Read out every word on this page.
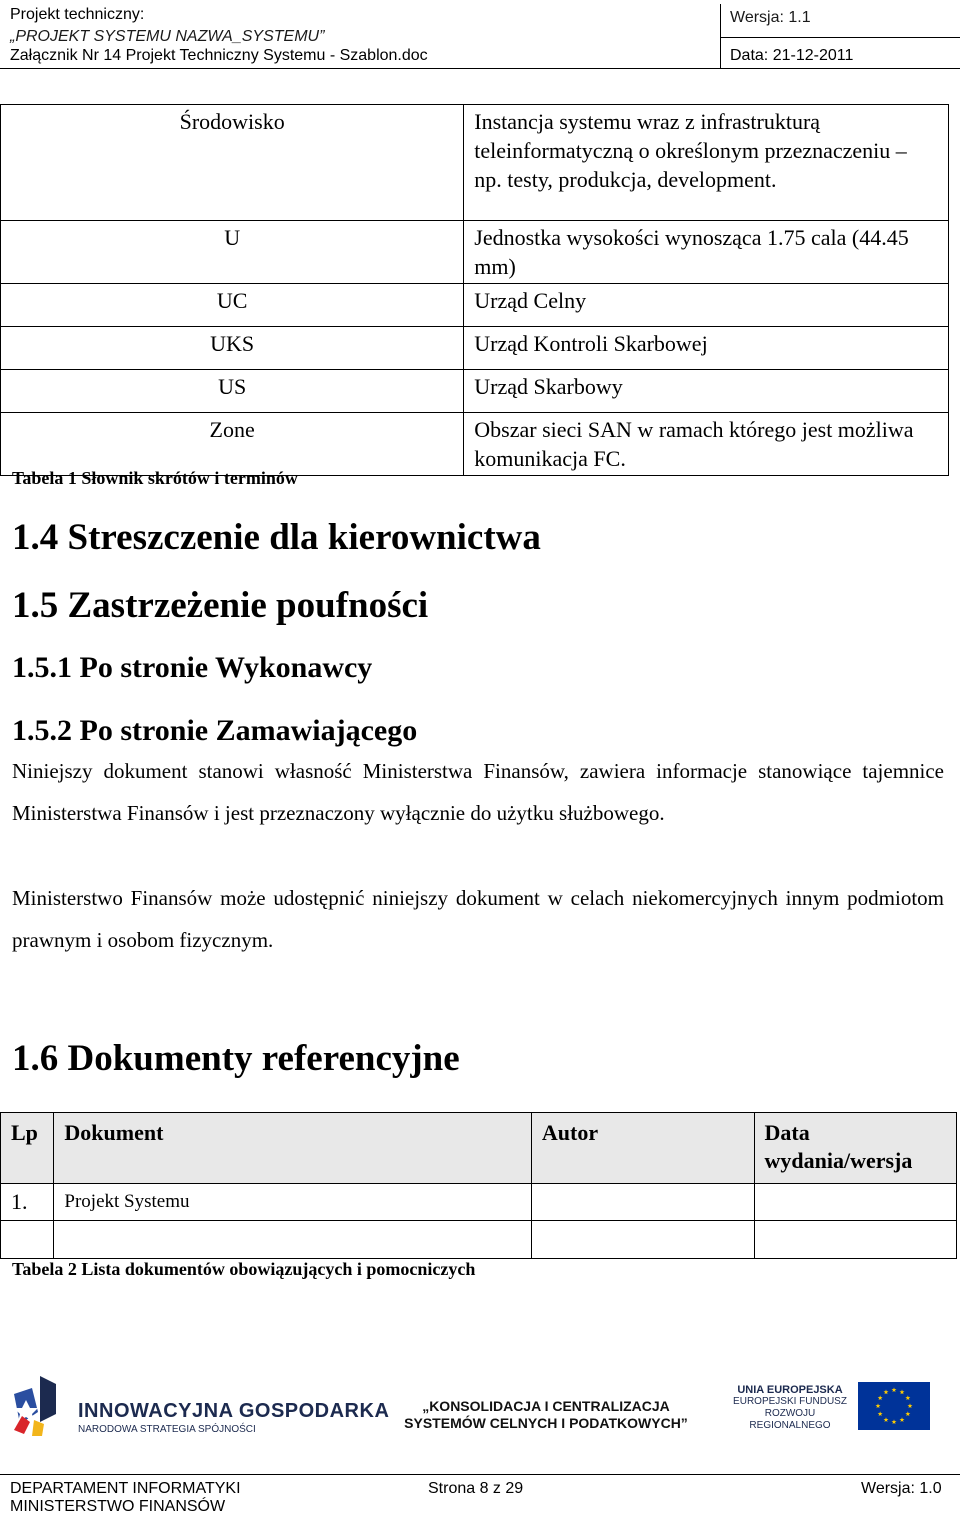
Projekt techniczny:
„PROJEKT SYSTEMU NAZWA_SYSTEMU”
Załącznik Nr 14 Projekt Techniczny Systemu - Szablon.doc
Wersja: 1.1
Data: 21-12-2011
Środowisko	Instancja systemu wraz z infrastrukturą teleinformatyczną o określonym przeznaczeniu – np. testy, produkcja, development.
U	Jednostka wysokości wynosząca 1.75 cala (44.45 mm)
UC	Urząd Celny
UKS	Urząd Kontroli Skarbowej
US	Urząd Skarbowy
Zone	Obszar sieci SAN w ramach którego jest możliwa komunikacja FC.
Tabela 1 Słownik skrótów i terminów
1.4 Streszczenie dla kierownictwa
1.5 Zastrzeżenie poufności
1.5.1 Po stronie Wykonawcy
1.5.2 Po stronie Zamawiającego
Niniejszy dokument stanowi własność Ministerstwa Finansów, zawiera informacje stanowiące tajemnice Ministerstwa Finansów i jest przeznaczony wyłącznie do użytku służbowego.
Ministerstwo Finansów może udostępnić niniejszy dokument w celach niekomercyjnych innym podmiotom prawnym i osobom fizycznym.
1.6 Dokumenty referencyjne
Lp	Dokument	Autor	Data wydania/wersja
1.	Projekt Systemu		

Tabela 2 Lista dokumentów obowiązujących i pomocniczych
INNOWACYJNA GOSPODARKA
NARODOWA STRATEGIA SPÓJNOŚCI
„KONSOLIDACJA I CENTRALIZACJA
SYSTEMÓW CELNYCH I PODATKOWYCH”
UNIA EUROPEJSKA
EUROPEJSKI FUNDUSZ
ROZWOJU REGIONALNEGO
DEPARTAMENT INFORMATYKI
MINISTERSTWO FINANSÓW
Strona 8 z 29	Wersja: 1.0
